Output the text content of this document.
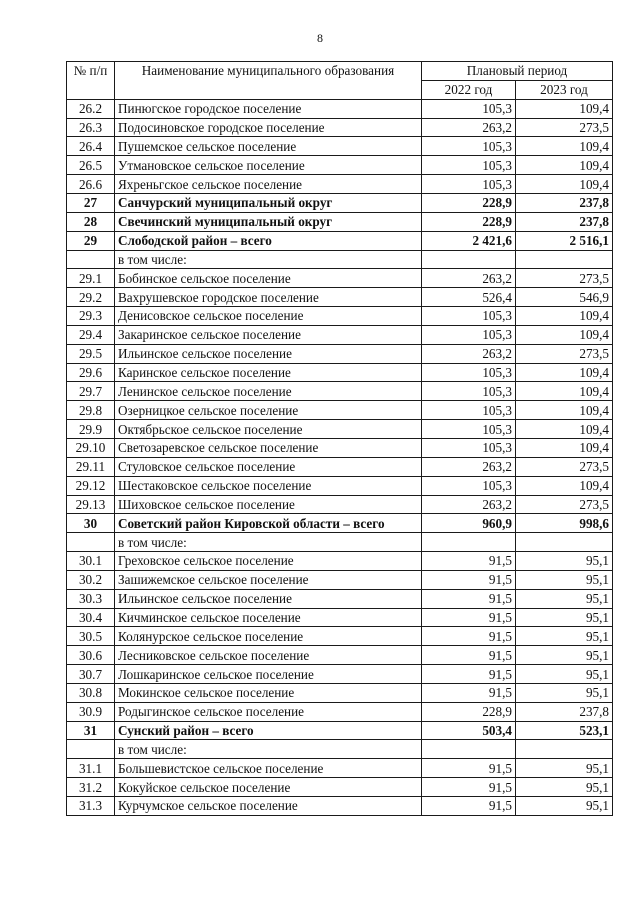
8
№ п/п	Наименование муниципального образования	Плановый период	
		2022 год	2023 год
26.2	Пинюгское городское поселение	105,3	109,4
26.3	Подосиновское городское поселение	263,2	273,5
26.4	Пушемское сельское поселение	105,3	109,4
26.5	Утмановское сельское поселение	105,3	109,4
26.6	Яхреньгское сельское поселение	105,3	109,4
27	Санчурский муниципальный округ	228,9	237,8
28	Свечинский муниципальный округ	228,9	237,8
29	Слободской район – всего	2 421,6	2 516,1
	в том числе:		
29.1	Бобинское сельское поселение	263,2	273,5
29.2	Вахрушевское городское поселение	526,4	546,9
29.3	Денисовское сельское поселение	105,3	109,4
29.4	Закаринское сельское поселение	105,3	109,4
29.5	Ильинское сельское поселение	263,2	273,5
29.6	Каринское сельское поселение	105,3	109,4
29.7	Ленинское сельское поселение	105,3	109,4
29.8	Озерницкое сельское поселение	105,3	109,4
29.9	Октябрьское сельское поселение	105,3	109,4
29.10	Светозаревское сельское поселение	105,3	109,4
29.11	Стуловское сельское поселение	263,2	273,5
29.12	Шестаковское сельское поселение	105,3	109,4
29.13	Шиховское сельское поселение	263,2	273,5
30	Советский район Кировской области – всего	960,9	998,6
	в том числе:		
30.1	Греховское сельское поселение	91,5	95,1
30.2	Зашижемское сельское поселение	91,5	95,1
30.3	Ильинское сельское поселение	91,5	95,1
30.4	Кичминское сельское поселение	91,5	95,1
30.5	Колянурское сельское поселение	91,5	95,1
30.6	Лесниковское сельское поселение	91,5	95,1
30.7	Лошкаринское сельское поселение	91,5	95,1
30.8	Мокинское сельское поселение	91,5	95,1
30.9	Родыгинское сельское поселение	228,9	237,8
31	Сунский район – всего	503,4	523,1
	в том числе:		
31.1	Большевистское сельское поселение	91,5	95,1
31.2	Кокуйское сельское поселение	91,5	95,1
31.3	Курчумское сельское поселение	91,5	95,1
